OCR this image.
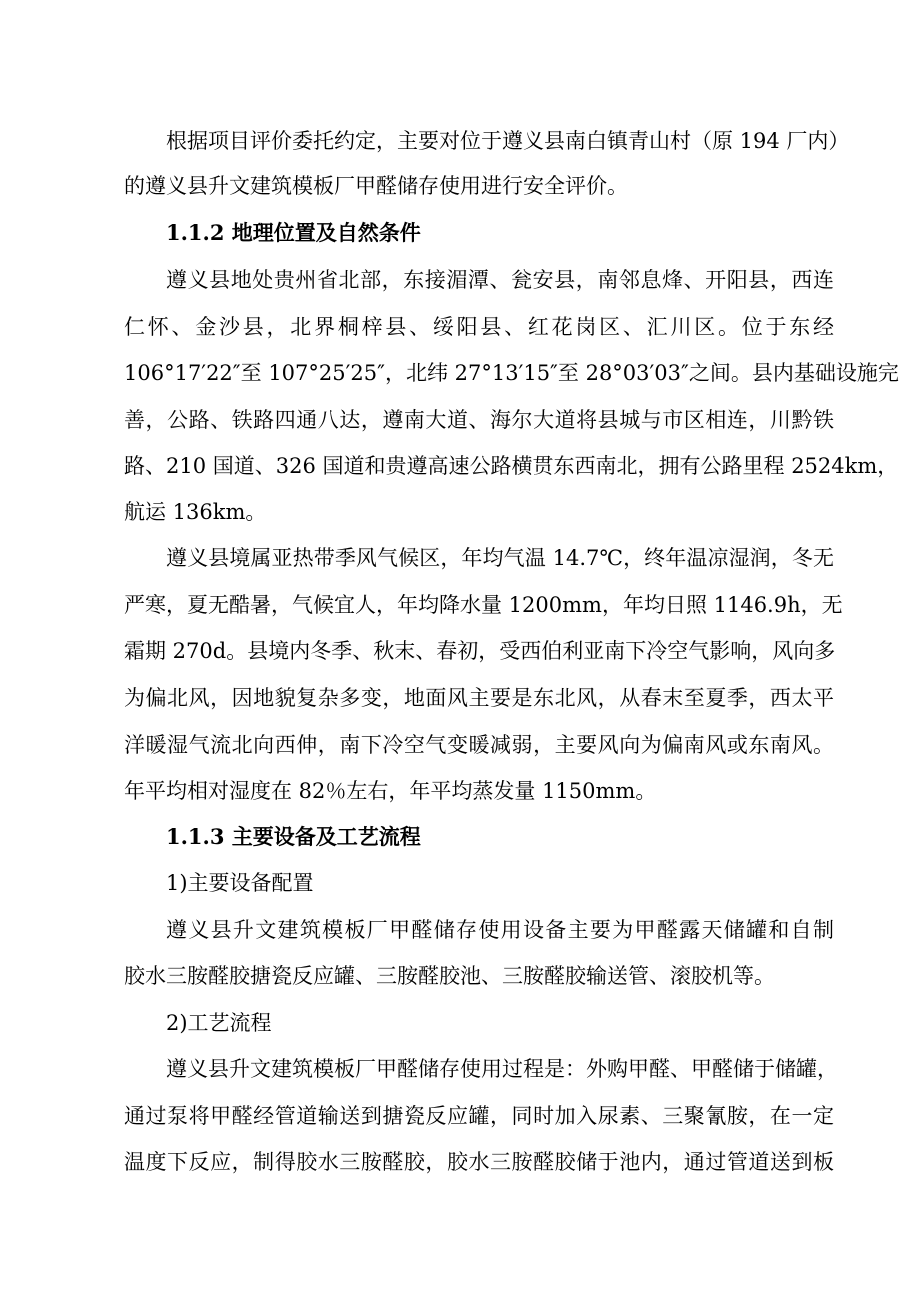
根据项目评价委托约定，主要对位于遵义县南白镇青山村（原 194 厂内）
的遵义县升文建筑模板厂甲醛储存使用进行安全评价。
1.1.2 地理位置及自然条件
遵义县地处贵州省北部，东接湄潭、瓮安县，南邻息烽、开阳县，西连
仁怀、金沙县，北界桐梓县、绥阳县、红花岗区、汇川区。位于东经
106°17′22″至 107°25′25″，北纬 27°13′15″至 28°03′03″之间。县内基础设施完
善，公路、铁路四通八达，遵南大道、海尔大道将县城与市区相连，川黔铁
路、210 国道、326 国道和贵遵高速公路横贯东西南北，拥有公路里程 2524km，
航运 136km。
遵义县境属亚热带季风气候区，年均气温 14.7℃，终年温凉湿润，冬无
严寒，夏无酷暑，气候宜人，年均降水量 1200mm，年均日照 1146.9h，无
霜期 270d。县境内冬季、秋末、春初，受西伯利亚南下冷空气影响，风向多
为偏北风，因地貌复杂多变，地面风主要是东北风，从春末至夏季，西太平
洋暖湿气流北向西伸，南下冷空气变暖减弱，主要风向为偏南风或东南风。
年平均相对湿度在 82％左右，年平均蒸发量 1150mm。
1.1.3 主要设备及工艺流程
1)主要设备配置
遵义县升文建筑模板厂甲醛储存使用设备主要为甲醛露天储罐和自制
胶水三胺醛胶搪瓷反应罐、三胺醛胶池、三胺醛胶输送管、滚胶机等。
2)工艺流程
遵义县升文建筑模板厂甲醛储存使用过程是：外购甲醛、甲醛储于储罐，
通过泵将甲醛经管道输送到搪瓷反应罐，同时加入尿素、三聚氰胺，在一定
温度下反应，制得胶水三胺醛胶，胶水三胺醛胶储于池内，通过管道送到板
